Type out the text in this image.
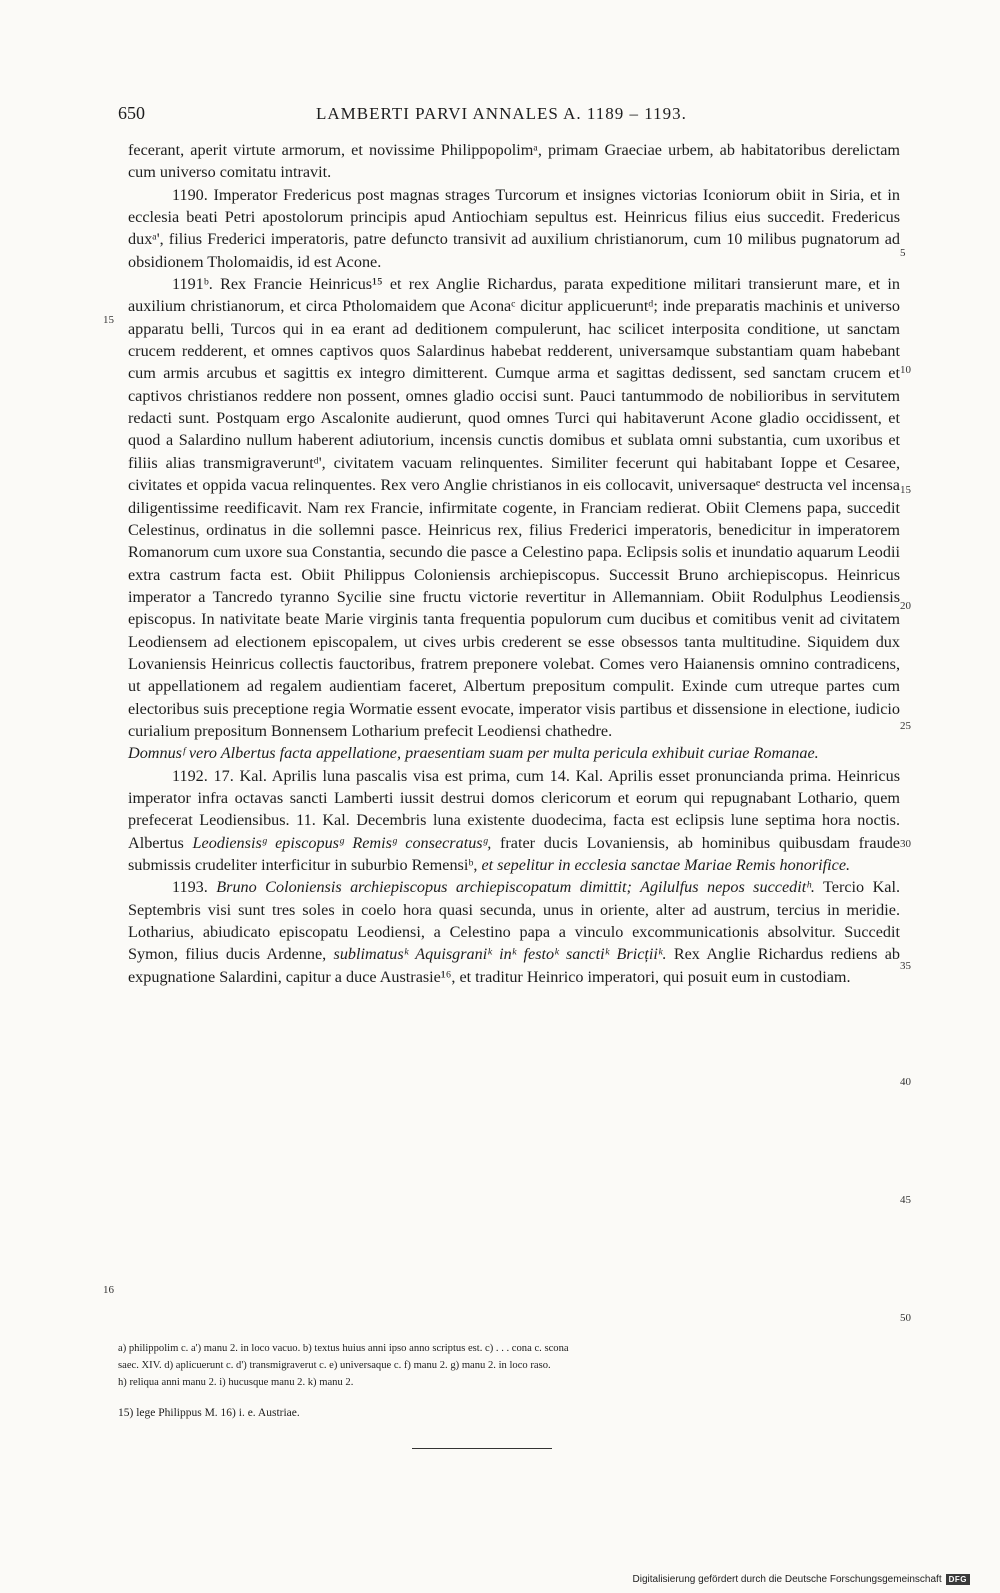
650	LAMBERTI PARVI ANNALES A. 1189 – 1193.

fecerant, aperit virtute armorum, et novissime Philippopolimᵃ, primam Graeciae urbem, ab habitatoribus derelictam cum universo comitatu intravit.

1190. Imperator Fredericus post magnas strages Turcorum et insignes victorias Iconiorum obiit in Siria, et in ecclesia beati Petri apostolorum principis apud Antiochiam sepultus est. Heinricus filius eius succedit. Fredericus duxᵃ', filius Frederici imperatoris, patre defuncto transivit ad auxilium christianorum, cum 10 milibus pugnatorum ad obsidionem Tholomaidis, id est Acone.

1191ᵇ. Rex Francie Heinricus¹⁵ et rex Anglie Richardus, parata expeditione militari transierunt mare, et in auxilium christianorum, et circa Ptholomaidem que Aconaᶜ dicitur applicueruntᵈ; inde preparatis machinis et universo apparatu belli, Turcos qui in ea erant ad deditionem compulerunt, hac scilicet interposita conditione, ut sanctam crucem redderent, et omnes captivos quos Salardinus habebat redderent, universamque substantiam quam habebant cum armis arcubus et sagittis ex integro dimitterent. Cumque arma et sagittas dedissent, sed sanctam crucem et captivos christianos reddere non possent, omnes gladio occisi sunt. Pauci tantummodo de nobilioribus in servitutem redacti sunt. Postquam ergo Ascalonite audierunt, quod omnes Turci qui habitaverunt Acone gladio occidissent, et quod a Salardino nullum haberent adiutorium, incensis cunctis domibus et sublata omni substantia, cum uxoribus et filiis alias transmigraveruntᵈ', civitatem vacuam relinquentes. Similiter fecerunt qui habitabant Ioppe et Cesaree, civitates et oppida vacua relinquentes. Rex vero Anglie christianos in eis collocavit, universaqueᵉ destructa vel incensa diligentissime reedificavit. Nam rex Francie, infirmitate cogente, in Franciam redierat. Obiit Clemens papa, succedit Celestinus, ordinatus in die sollemni pasce. Heinricus rex, filius Frederici imperatoris, benedicitur in imperatorem Romanorum cum uxore sua Constantia, secundo die pasce a Celestino papa. Eclipsis solis et inundatio aquarum Leodii extra castrum facta est. Obiit Philippus Coloniensis archiepiscopus. Successit Bruno archiepiscopus. Heinricus imperator a Tancredo tyranno Sycilie sine fructu victorie revertitur in Allemanniam. Obiit Rodulphus Leodiensis episcopus. In nativitate beate Marie virginis tanta frequentia populorum cum ducibus et comitibus venit ad civitatem Leodiensem ad electionem episcopalem, ut cives urbis crederent se esse obsessos tanta multitudine. Siquidem dux Lovaniensis Heinricus collectis fauctoribus, fratrem preponere volebat. Comes vero Haianensis omnino contradicens, ut appellationem ad regalem audientiam faceret, Albertum prepositum compulit. Exinde cum utreque partes cum electoribus suis preceptione regia Wormatie essent evocate, imperator visis partibus et dissensione in electione, iudicio curialium prepositum Bonnensem Lotharium prefecit Leodiensi chathedre.

Domnusᶠ vero Albertus facta appellatione, praesentiam suam per multa pericula exhibuit curiae Romanae.

1192. 17. Kal. Aprilis luna pascalis visa est prima, cum 14. Kal. Aprilis esset pronuncianda prima. Heinricus imperator infra octavas sancti Lamberti iussit destrui domos clericorum et eorum qui repugnabant Lothario, quem prefecerat Leodiensibus. 11. Kal. Decembris luna existente duodecima, facta est eclipsis lune septima hora noctis. Albertus Leodiensisᵍ episcopusᵍ Remisᵍ consecratusᵍ, frater ducis Lovaniensis, ab hominibus quibusdam fraude submissis crudeliter interficitur in suburbio Remensiᵇ, et sepelitur in ecclesia sanctae Mariae Remis honorifice.

1193. Bruno Coloniensis archiepiscopus archiepiscopatum dimittit; Agilulfus nepos succeditʰ. Tercio Kal. Septembris visi sunt tres soles in coelo hora quasi secunda, unus in oriente, alter ad austrum, tercius in meridie. Lotharius, abiudicato episcopatu Leodiensi, a Celestino papa a vinculo excommunicationis absolvitur. Succedit Symon, filius ducis Ardenne, sublimatusᵏ Aquisgraniᵏ inᵏ festoᵏ sanctiᵏ Bricțiiᵏ. Rex Anglie Richardus rediens ab expugnatione Salardini, capitur a duce Austrasie¹⁶, et traditur Heinrico imperatori, qui posuit eum in custodiam.

5
10
15
20
25
30
35
40
45
50
15
16

a) philippolim c. a') manu 2. in loco vacuo. b) textus huius anni ipso anno scriptus est. c) . . . cona c. scona

saec. XIV. d) aplicuerunt c. d') transmigraverut c. e) universaque c. f) manu 2. g) manu 2. in loco raso.

h) reliqua anni manu 2. i) hucusque manu 2. k) manu 2.

15) lege Philippus M. 16) i. e. Austriae.
Digitalisierung gefördert durch die Deutsche Forschungsgemeinschaft DFG
